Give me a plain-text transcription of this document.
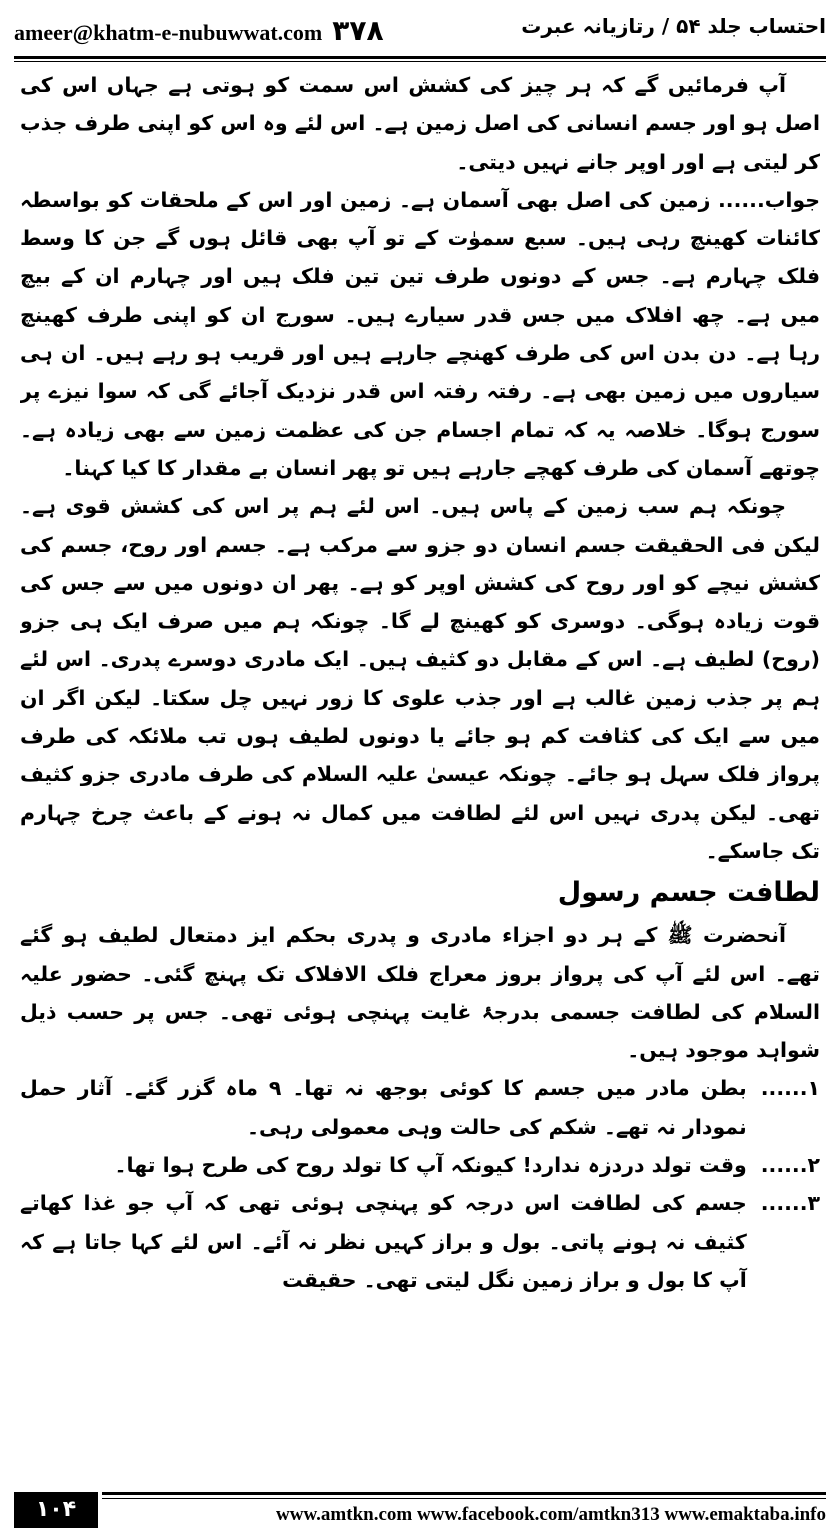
ameer@khatm-e-nubuwwat.com ۳۷۸	احتساب جلد ۵۴ / رتازیانہ عبرت

آپ فرمائیں گے کہ ہر چیز کی کشش اس سمت کو ہوتی ہے جہاں اس کی اصل ہو اور جسم انسانی کی اصل زمین ہے۔ اس لئے وہ اس کو اپنی طرف جذب کر لیتی ہے اور اوپر جانے نہیں دیتی۔

جواب...... زمین کی اصل بھی آسمان ہے۔ زمین اور اس کے ملحقات کو بواسطہ کائنات کھینچ رہی ہیں۔ سبع سموٰت کے تو آپ بھی قائل ہوں گے جن کا وسط فلک چہارم ہے۔ جس کے دونوں طرف تین تین فلک ہیں اور چہارم ان کے بیچ میں ہے۔ چھ افلاک میں جس قدر سیارے ہیں۔ سورج ان کو اپنی طرف کھینچ رہا ہے۔ دن بدن اس کی طرف کھنچے جارہے ہیں اور قریب ہو رہے ہیں۔ ان ہی سیاروں میں زمین بھی ہے۔ رفتہ رفتہ اس قدر نزدیک آجائے گی کہ سوا نیزے پر سورج ہوگا۔ خلاصہ یہ کہ تمام اجسام جن کی عظمت زمین سے بھی زیادہ ہے۔ چوتھے آسمان کی طرف کھچے جارہے ہیں تو پھر انسان بے مقدار کا کیا کہنا۔

چونکہ ہم سب زمین کے پاس ہیں۔ اس لئے ہم پر اس کی کشش قوی ہے۔ لیکن فی الحقیقت جسم انسان دو جزو سے مرکب ہے۔ جسم اور روح، جسم کی کشش نیچے کو اور روح کی کشش اوپر کو ہے۔ پھر ان دونوں میں سے جس کی قوت زیادہ ہوگی۔ دوسری کو کھینچ لے گا۔ چونکہ ہم میں صرف ایک ہی جزو (روح) لطیف ہے۔ اس کے مقابل دو کثیف ہیں۔ ایک مادری دوسرے پدری۔ اس لئے ہم پر جذب زمین غالب ہے اور جذب علوی کا زور نہیں چل سکتا۔ لیکن اگر ان میں سے ایک کی کثافت کم ہو جائے یا دونوں لطیف ہوں تب ملائکہ کی طرف پرواز فلک سہل ہو جائے۔ چونکہ عیسیٰ علیہ السلام کی طرف مادری جزو کثیف تھی۔ لیکن پدری نہیں اس لئے لطافت میں کمال نہ ہونے کے باعث چرخ چہارم تک جاسکے۔

لطافت جسم رسول

آنحضرت ﷺ کے ہر دو اجزاء مادری و پدری بحکم ایز دمتعال لطیف ہو گئے تھے۔ اس لئے آپ کی پرواز بروز معراج فلک الافلاک تک پہنچ گئی۔ حضور علیہ السلام کی لطافت جسمی بدرجۂ غایت پہنچی ہوئی تھی۔ جس پر حسب ذیل شواہد موجود ہیں۔

۱......
بطن مادر میں جسم کا کوئی بوجھ نہ تھا۔ ۹ ماہ گزر گئے۔ آثار حمل نمودار نہ تھے۔ شکم کی حالت وہی معمولی رہی۔
۲......
وقت تولد دردزہ ندارد! کیونکہ آپ کا تولد روح کی طرح ہوا تھا۔
۳......
جسم کی لطافت اس درجہ کو پہنچی ہوئی تھی کہ آپ جو غذا کھاتے کثیف نہ ہونے پاتی۔ بول و براز کہیں نظر نہ آئے۔ اس لئے کہا جاتا ہے کہ آپ کا بول و براز زمین نگل لیتی تھی۔ حقیقت
۱۰۴	www.amtkn.com www.facebook.com/amtkn313 www.emaktaba.info
